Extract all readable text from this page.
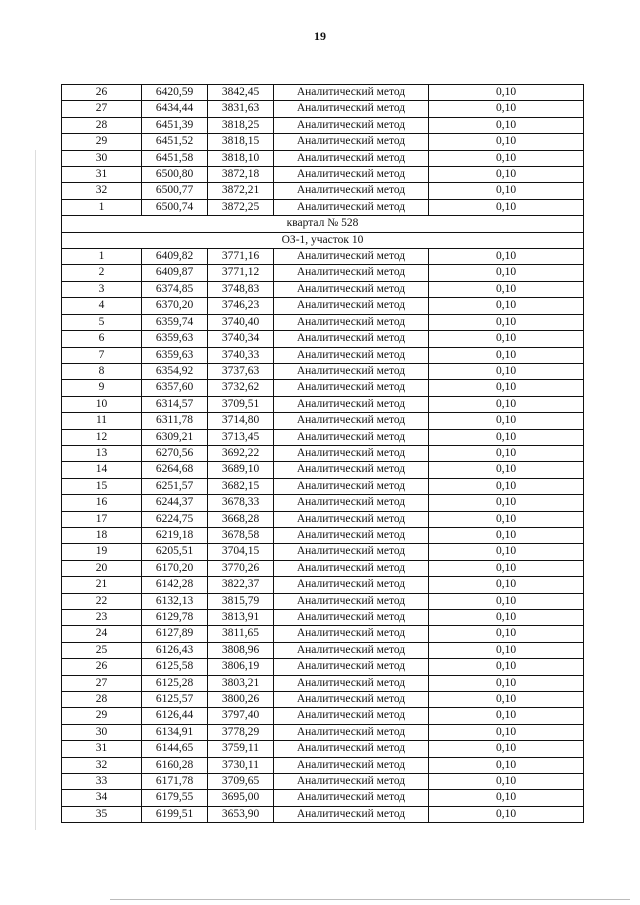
19
26	6420,59	3842,45	Аналитический метод	0,10
27	6434,44	3831,63	Аналитический метод	0,10
28	6451,39	3818,25	Аналитический метод	0,10
29	6451,52	3818,15	Аналитический метод	0,10
30	6451,58	3818,10	Аналитический метод	0,10
31	6500,80	3872,18	Аналитический метод	0,10
32	6500,77	3872,21	Аналитический метод	0,10
1	6500,74	3872,25	Аналитический метод	0,10
квартал № 528				
ОЗ-1, участок 10				
1	6409,82	3771,16	Аналитический метод	0,10
2	6409,87	3771,12	Аналитический метод	0,10
3	6374,85	3748,83	Аналитический метод	0,10
4	6370,20	3746,23	Аналитический метод	0,10
5	6359,74	3740,40	Аналитический метод	0,10
6	6359,63	3740,34	Аналитический метод	0,10
7	6359,63	3740,33	Аналитический метод	0,10
8	6354,92	3737,63	Аналитический метод	0,10
9	6357,60	3732,62	Аналитический метод	0,10
10	6314,57	3709,51	Аналитический метод	0,10
11	6311,78	3714,80	Аналитический метод	0,10
12	6309,21	3713,45	Аналитический метод	0,10
13	6270,56	3692,22	Аналитический метод	0,10
14	6264,68	3689,10	Аналитический метод	0,10
15	6251,57	3682,15	Аналитический метод	0,10
16	6244,37	3678,33	Аналитический метод	0,10
17	6224,75	3668,28	Аналитический метод	0,10
18	6219,18	3678,58	Аналитический метод	0,10
19	6205,51	3704,15	Аналитический метод	0,10
20	6170,20	3770,26	Аналитический метод	0,10
21	6142,28	3822,37	Аналитический метод	0,10
22	6132,13	3815,79	Аналитический метод	0,10
23	6129,78	3813,91	Аналитический метод	0,10
24	6127,89	3811,65	Аналитический метод	0,10
25	6126,43	3808,96	Аналитический метод	0,10
26	6125,58	3806,19	Аналитический метод	0,10
27	6125,28	3803,21	Аналитический метод	0,10
28	6125,57	3800,26	Аналитический метод	0,10
29	6126,44	3797,40	Аналитический метод	0,10
30	6134,91	3778,29	Аналитический метод	0,10
31	6144,65	3759,11	Аналитический метод	0,10
32	6160,28	3730,11	Аналитический метод	0,10
33	6171,78	3709,65	Аналитический метод	0,10
34	6179,55	3695,00	Аналитический метод	0,10
35	6199,51	3653,90	Аналитический метод	0,10
